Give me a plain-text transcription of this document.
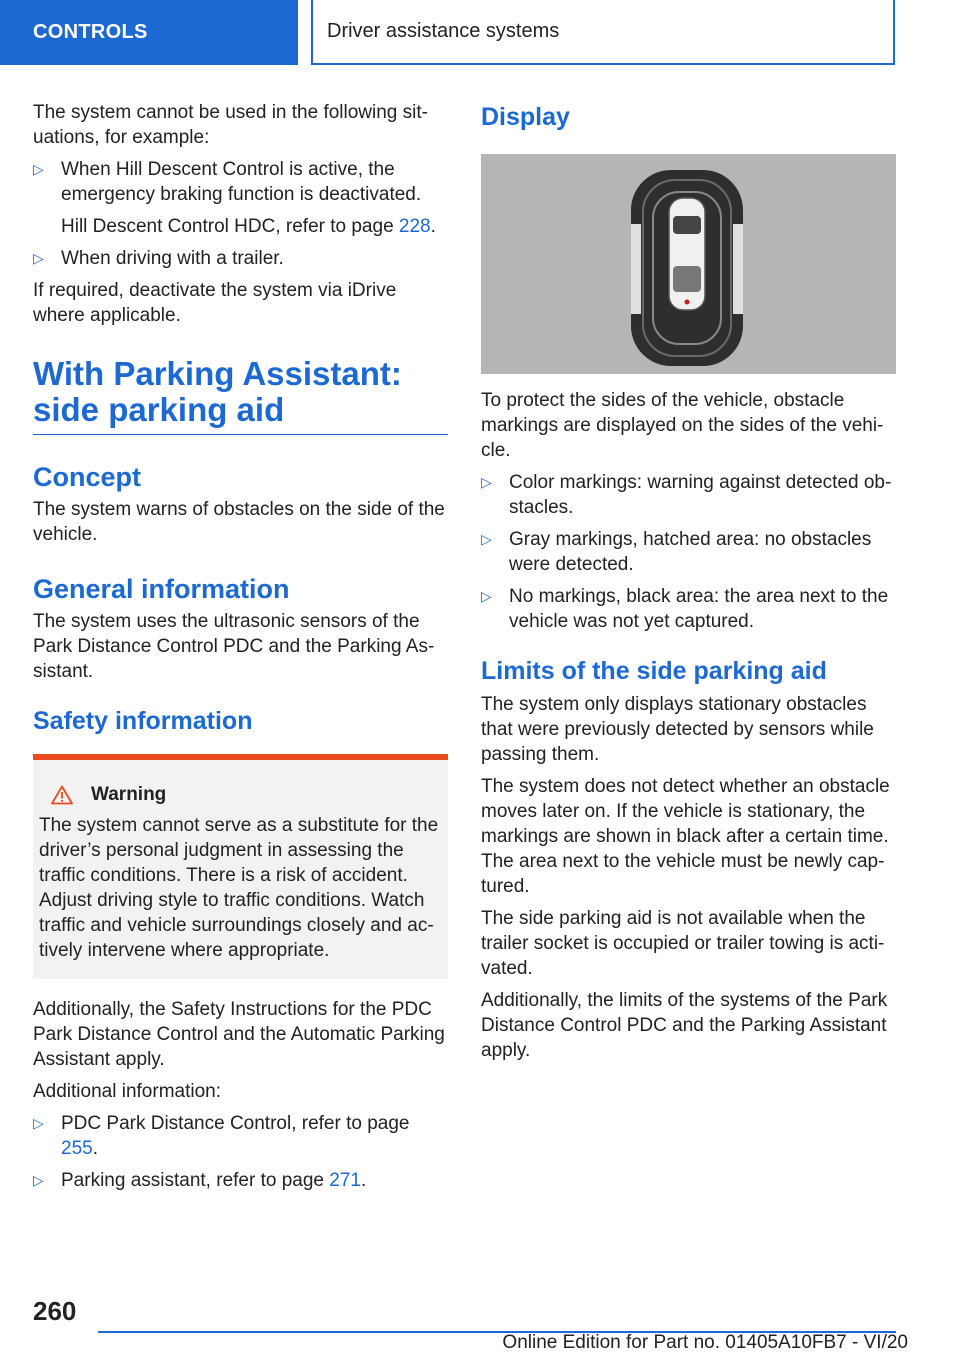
CONTROLS	Driver assistance systems

The system cannot be used in the following sit-uations, for example:

▷ When Hill Descent Control is active, the emergency braking function is deactivated.
Hill Descent Control HDC, refer to page 228.
▷ When driving with a trailer.

If required, deactivate the system via iDrive where applicable.

With Parking Assistant: side parking aid
Concept

The system warns of obstacles on the side of the vehicle.

General information

The system uses the ultrasonic sensors of the Park Distance Control PDC and the Parking As-sistant.

Safety information
Warning
The system cannot serve as a substitute for the driver’s personal judgment in assessing the traffic conditions. There is a risk of accident. Adjust driving style to traffic conditions. Watch traffic and vehicle surroundings closely and ac-tively intervene where appropriate.

Additionally, the Safety Instructions for the PDC Park Distance Control and the Automatic Parking Assistant apply.

Additional information:

▷ PDC Park Distance Control, refer to page 255.
▷ Parking assistant, refer to page 271.
Display

To protect the sides of the vehicle, obstacle markings are displayed on the sides of the vehi-cle.

▷ Color markings: warning against detected ob-stacles.
▷ Gray markings, hatched area: no obstacles were detected.
▷ No markings, black area: the area next to the vehicle was not yet captured.
Limits of the side parking aid

The system only displays stationary obstacles that were previously detected by sensors while passing them.

The system does not detect whether an obstacle moves later on. If the vehicle is stationary, the markings are shown in black after a certain time. The area next to the vehicle must be newly cap-tured.

The side parking aid is not available when the trailer socket is occupied or trailer towing is acti-vated.

Additionally, the limits of the systems of the Park Distance Control PDC and the Parking Assistant apply.

260
Online Edition for Part no. 01405A10FB7 - VI/20
